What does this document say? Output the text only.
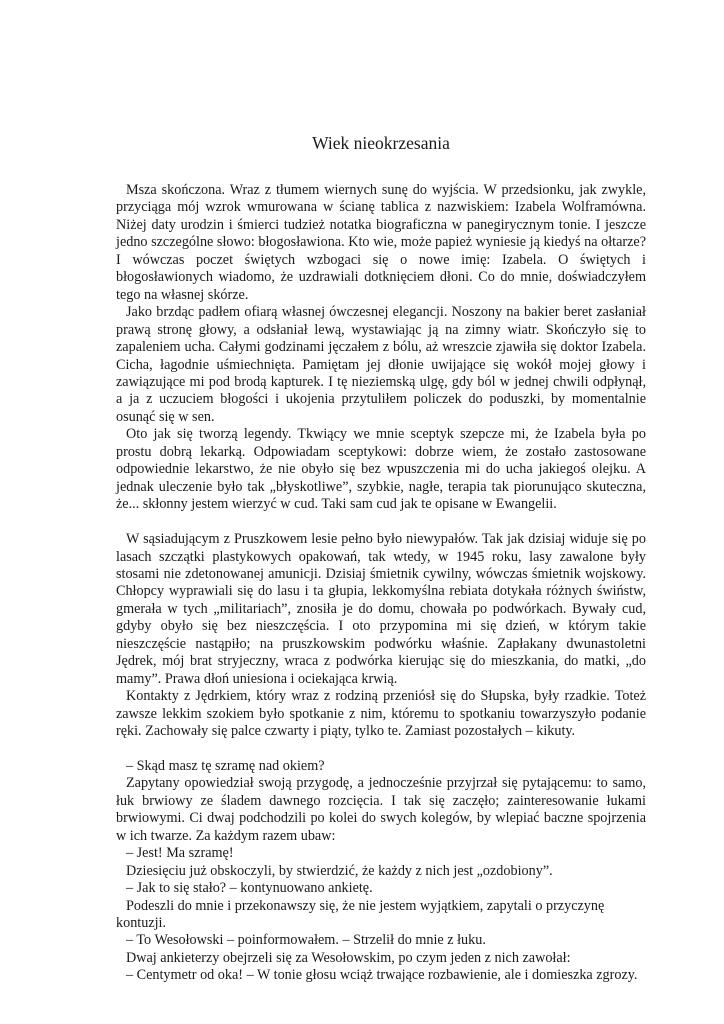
Wiek nieokrzesania

Msza skończona. Wraz z tłumem wiernych sunę do wyjścia. W przedsionku, jak zwykle, przyciąga mój wzrok wmurowana w ścianę tablica z nazwiskiem: Izabela Wolframówna. Niżej daty urodzin i śmierci tudzież notatka biograficzna w panegirycznym tonie. I jeszcze jedno szczególne słowo: błogosławiona. Kto wie, może papież wyniesie ją kiedyś na ołtarze? I wówczas poczet świętych wzbogaci się o nowe imię: Izabela. O świętych i błogosławionych wiadomo, że uzdrawiali dotknięciem dłoni. Co do mnie, doświadczyłem tego na własnej skórze.

Jako brzdąc padłem ofiarą własnej ówczesnej elegancji. Noszony na bakier beret zasłaniał prawą stronę głowy, a odsłaniał lewą, wystawiając ją na zimny wiatr. Skończyło się to zapaleniem ucha. Całymi godzinami jęczałem z bólu, aż wreszcie zjawiła się doktor Izabela. Cicha, łagodnie uśmiechnięta. Pamiętam jej dłonie uwijające się wokół mojej głowy i zawiązujące mi pod brodą kapturek. I tę nieziemską ulgę, gdy ból w jednej chwili odpłynął, a ja z uczuciem błogości i ukojenia przytuliłem policzek do poduszki, by momentalnie osunąć się w sen.

Oto jak się tworzą legendy. Tkwiący we mnie sceptyk szepcze mi, że Izabela była po prostu dobrą lekarką. Odpowiadam sceptykowi: dobrze wiem, że zostało zastosowane odpowiednie lekarstwo, że nie obyło się bez wpuszczenia mi do ucha jakiegoś olejku. A jednak uleczenie było tak „błyskotliwe”, szybkie, nagłe, terapia tak piorunująco skuteczna, że... skłonny jestem wierzyć w cud. Taki sam cud jak te opisane w Ewangelii.

W sąsiadującym z Pruszkowem lesie pełno było niewypałów. Tak jak dzisiaj widuje się po lasach szczątki plastykowych opakowań, tak wtedy, w 1945 roku, lasy zawalone były stosami nie zdetonowanej amunicji. Dzisiaj śmietnik cywilny, wówczas śmietnik wojskowy. Chłopcy wyprawiali się do lasu i ta głupia, lekkomyślna rebiata dotykała różnych świństw, gmerała w tych „militariach”, znosiła je do domu, chowała po podwórkach. Bywały cud, gdyby obyło się bez nieszczęścia. I oto przypomina mi się dzień, w którym takie nieszczęście nastąpiło; na pruszkowskim podwórku właśnie. Zapłakany dwunastoletni Jędrek, mój brat stryjeczny, wraca z podwórka kierując się do mieszkania, do matki, „do mamy”. Prawa dłoń uniesiona i ociekająca krwią.

Kontakty z Jędrkiem, który wraz z rodziną przeniósł się do Słupska, były rzadkie. Toteż zawsze lekkim szokiem było spotkanie z nim, któremu to spotkaniu towarzyszyło podanie ręki. Zachowały się palce czwarty i piąty, tylko te. Zamiast pozostałych – kikuty.

– Skąd masz tę szramę nad okiem?

Zapytany opowiedział swoją przygodę, a jednocześnie przyjrzał się pytającemu: to samo, łuk brwiowy ze śladem dawnego rozcięcia. I tak się zaczęło; zainteresowanie łukami brwiowymi. Ci dwaj podchodzili po kolei do swych kolegów, by wlepiać baczne spojrzenia w ich twarze. Za każdym razem ubaw:

– Jest! Ma szramę!

Dziesięciu już obskoczyli, by stwierdzić, że każdy z nich jest „ozdobiony”.

– Jak to się stało? – kontynuowano ankietę.

Podeszli do mnie i przekonawszy się, że nie jestem wyjątkiem, zapytali o przyczynę kontuzji.

– To Wesołowski – poinformowałem. – Strzelił do mnie z łuku.

Dwaj ankieterzy obejrzeli się za Wesołowskim, po czym jeden z nich zawołał:

– Centymetr od oka! – W tonie głosu wciąż trwające rozbawienie, ale i domieszka zgrozy.
